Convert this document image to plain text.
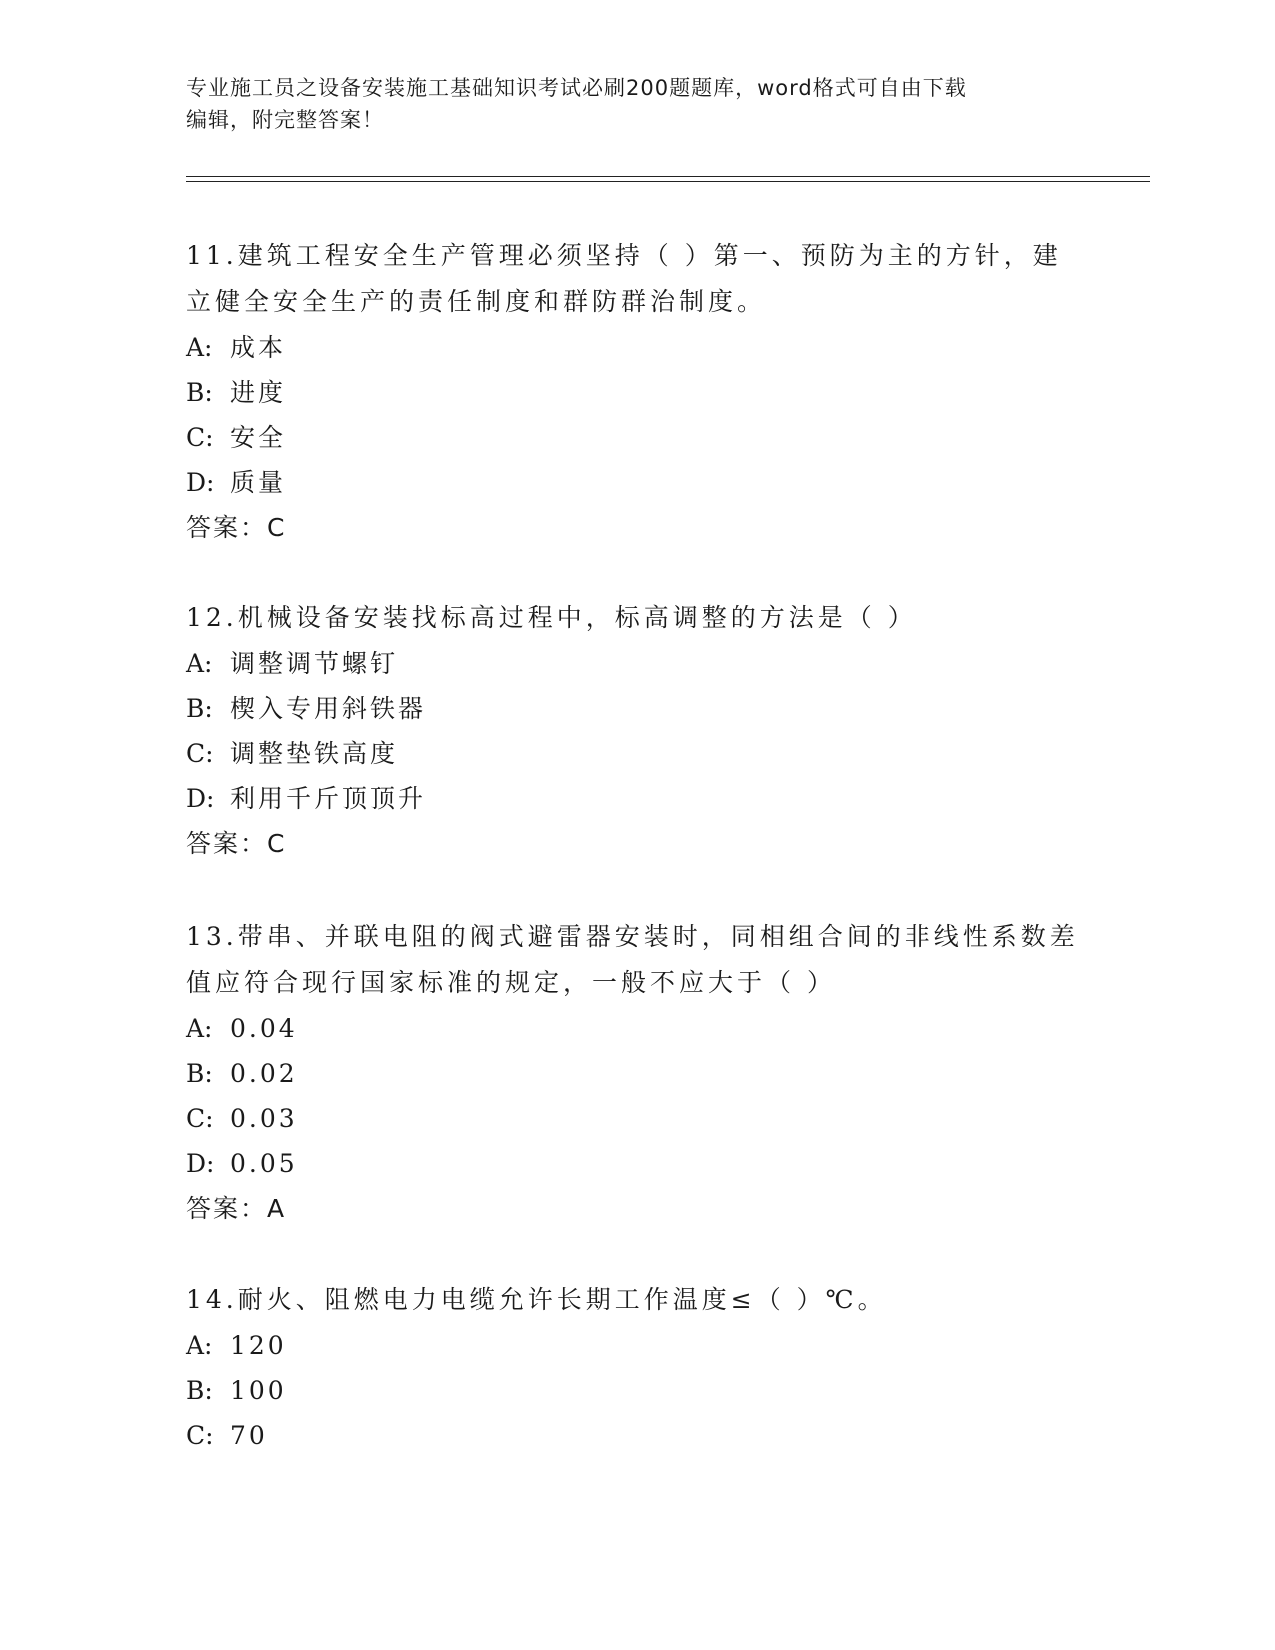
专业施工员之设备安装施工基础知识考试必刷200题题库，word格式可自由下载
编辑，附完整答案！

11.建筑工程安全生产管理必须坚持（ ）第一、预防为主的方针，建

立健全安全生产的责任制度和群防群治制度。

A: 成本

B: 进度

C: 安全

D: 质量

答案：C

12.机械设备安装找标高过程中，标高调整的方法是（ ）

A: 调整调节螺钉

B: 楔入专用斜铁器

C: 调整垫铁高度

D: 利用千斤顶顶升

答案：C

13.带串、并联电阻的阀式避雷器安装时，同相组合间的非线性系数差

值应符合现行国家标准的规定，一般不应大于（ ）

A: 0.04

B: 0.02

C: 0.03

D: 0.05

答案：A

14.耐火、阻燃电力电缆允许长期工作温度≤（ ）℃。

A: 120

B: 100

C: 70
